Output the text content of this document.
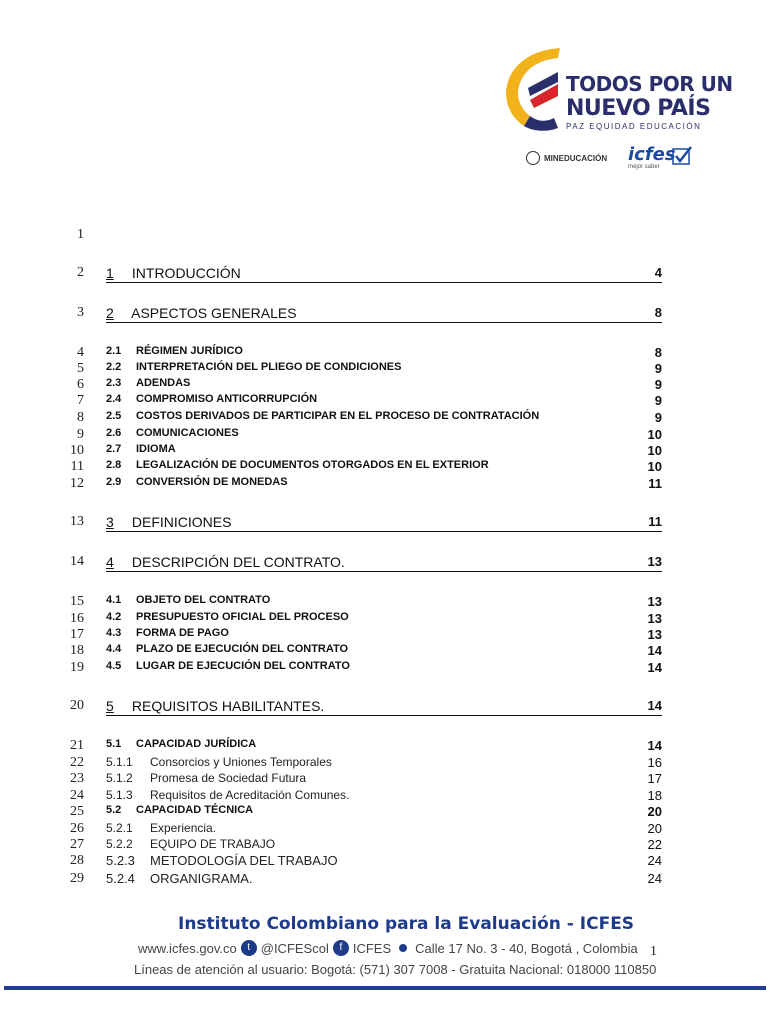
TODOS POR UN
NUEVO PAÍS
PAZ EQUIDAD EDUCACIÓN
MINEDUCACIÓN icfes
mejor saber
1
2 1 INTRODUCCIÓN	4
3 2 ASPECTOS GENERALES	8
4 2.1 RÉGIMEN JURÍDICO	8
5 2.2 INTERPRETACIÓN DEL PLIEGO DE CONDICIONES	9
6 2.3 ADENDAS	9
7 2.4 COMPROMISO ANTICORRUPCIÓN	9
8 2.5 COSTOS DERIVADOS DE PARTICIPAR EN EL PROCESO DE CONTRATACIÓN	9
9 2.6 COMUNICACIONES	10
10 2.7 IDIOMA	10
11 2.8 LEGALIZACIÓN DE DOCUMENTOS OTORGADOS EN EL EXTERIOR	10
12 2.9 CONVERSIÓN DE MONEDAS	11
13 3 DEFINICIONES	11
14 4 DESCRIPCIÓN DEL CONTRATO.	13
15 4.1 OBJETO DEL CONTRATO	13
16 4.2 PRESUPUESTO OFICIAL DEL PROCESO	13
17 4.3 FORMA DE PAGO	13
18 4.4 PLAZO DE EJECUCIÓN DEL CONTRATO	14
19 4.5 LUGAR DE EJECUCIÓN DEL CONTRATO	14
20 5 REQUISITOS HABILITANTES.	14
21 5.1 CAPACIDAD JURÍDICA	14
22 5.1.1 Consorcios y Uniones Temporales	16
23 5.1.2 Promesa de Sociedad Futura	17
24 5.1.3 Requisitos de Acreditación Comunes.	18
25 5.2 CAPACIDAD TÉCNICA	20
26 5.2.1 Experiencia.	20
27 5.2.2 EQUIPO DE TRABAJO	22
28 5.2.3 METODOLOGÍA DEL TRABAJO	24
29 5.2.4 ORGANIGRAMA.	24
Instituto Colombiano para la Evaluación - ICFES
www.icfes.gov.co	t @ICFEScol	f ICFES Calle 17 No. 3 - 40, Bogotá , Colombia
Líneas de atención al usuario: Bogotá: (571) 307 7008 - Gratuita Nacional: 018000 110850
1
